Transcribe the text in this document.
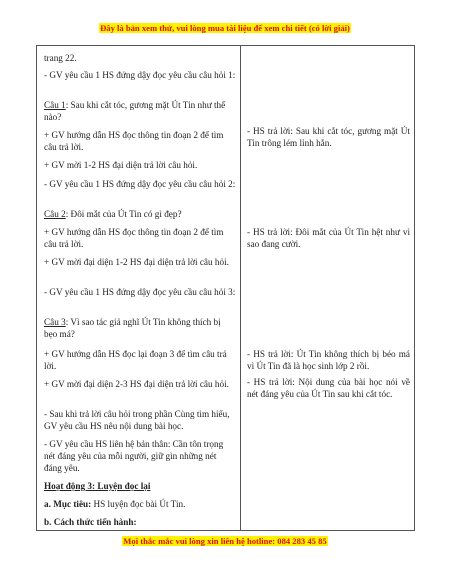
Đây là bản xem thử, vui lòng mua tài liệu để xem chi tiết (có lời giải)

trang 22.

- GV yêu cầu 1 HS đứng dậy đọc yêu cầu câu hỏi 1:

Câu 1: Sau khi cắt tóc, gương mặt Út Tin như thế nào?

+ GV hướng dẫn HS đọc thông tin đoạn 2 để tìm câu trả lời.

+ GV mời 1-2 HS đại diện trả lời câu hỏi.

- GV yêu cầu 1 HS đứng dậy đọc yêu cầu câu hỏi 2:

Câu 2: Đôi mắt của Út Tin có gì đẹp?

+ GV hướng dẫn HS đọc thông tin đoạn 2 để tìm câu trả lời.

+ GV mời đại diện 1-2 HS đại diện trả lời câu hỏi.

- GV yêu cầu 1 HS đứng dậy đọc yêu cầu câu hỏi 3:

Câu 3: Vì sao tác giả nghĩ Út Tin không thích bị bẹo má?

+ GV hướng dẫn HS đọc lại đoạn 3 để tìm câu trả lời.

+ GV mời đại diện 2-3 HS đại diện trả lời câu hỏi.

- Sau khi trả lời câu hỏi trong phần Cùng tìm hiểu, GV yêu cầu HS nêu nội dung bài học.

- GV yêu cầu HS liên hệ bản thân: Cần tôn trọng nét đáng yêu của mỗi người, giữ gìn những nét đáng yêu.

Hoạt động 3: Luyện đọc lại

a. Mục tiêu: HS luyện đọc bài Út Tin.

b. Cách thức tiến hành:

- HS trả lời: Sau khi cắt tóc, gương mặt Út Tin trông lém lỉnh hẳn.

- HS trả lời: Đôi mắt của Út Tin hệt như vì sao đang cười.

- HS trả lời: Út Tin không thích bị béo má vì Út Tin đã là học sinh lớp 2 rồi.

- HS trả lời: Nội dung của bài học nói về nét đáng yêu của Út Tin sau khi cắt tóc.

Mọi thắc mắc vui lòng xin liên hệ hotline: 084 283 45 85
